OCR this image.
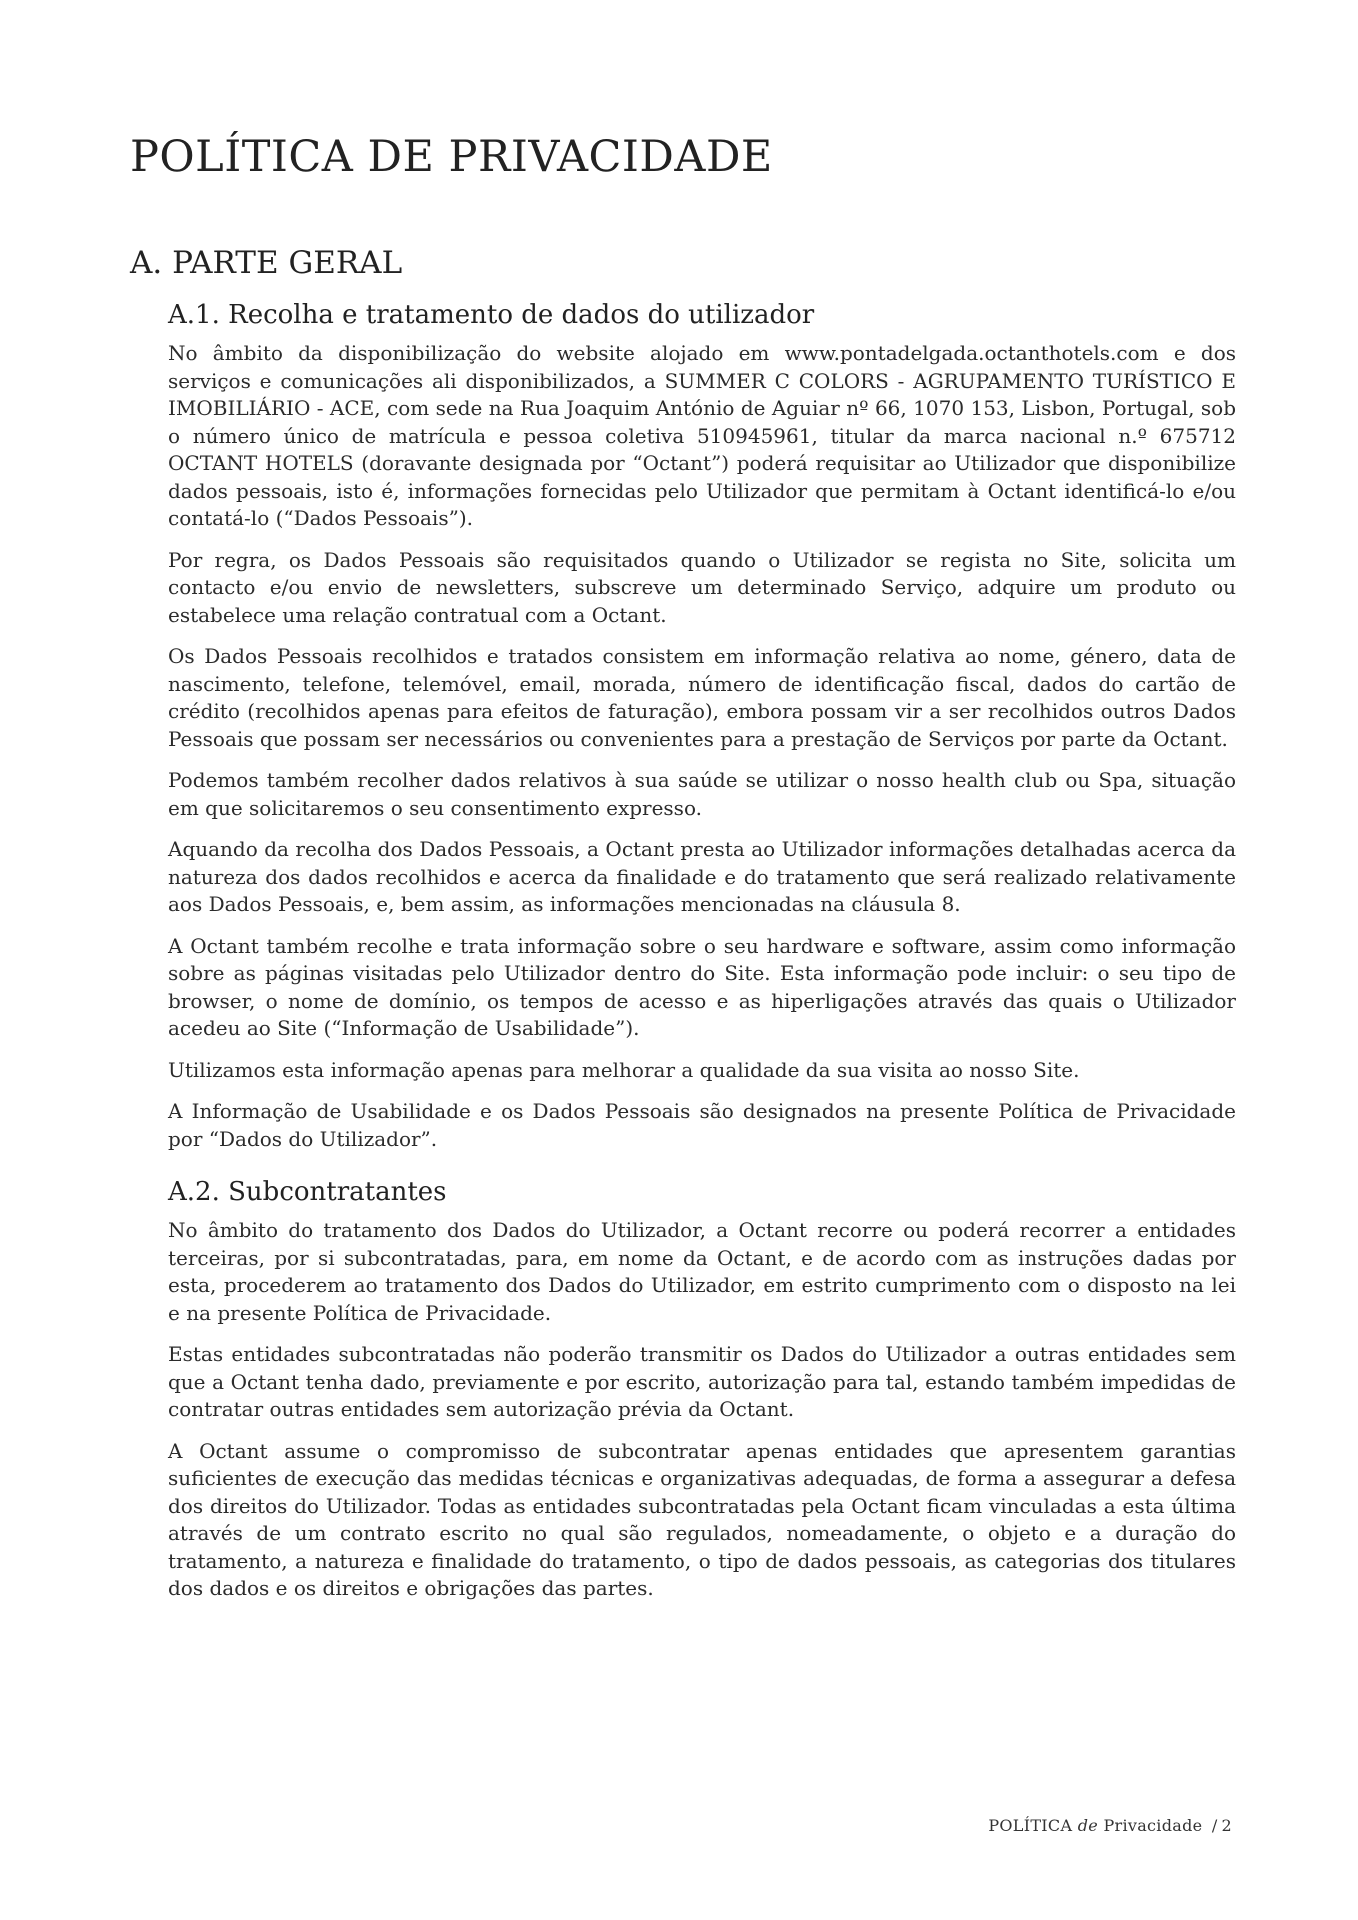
POLÍTICA DE PRIVACIDADE
A. PARTE GERAL
A.1. Recolha e tratamento de dados do utilizador

No âmbito da disponibilização do website alojado em www.pontadelgada.octanthotels.com e dos serviços e comunicações ali disponibilizados, a SUMMER C COLORS - AGRUPAMENTO TURÍSTICO E IMOBILIÁRIO - ACE, com sede na Rua Joaquim António de Aguiar nº 66, 1070 153, Lisbon, Portugal, sob o número único de matrícula e pessoa coletiva 510945961, titular da marca nacional n.º 675712 OCTANT HOTELS (doravante designada por “Octant”) poderá requisitar ao Utilizador que disponibilize dados pessoais, isto é, informações fornecidas pelo Utilizador que permitam à Octant identificá-lo e/ou contatá-lo (“Dados Pessoais”).

Por regra, os Dados Pessoais são requisitados quando o Utilizador se regista no Site, solicita um contacto e/ou envio de newsletters, subscreve um determinado Serviço, adquire um produto ou estabelece uma relação contratual com a Octant.

Os Dados Pessoais recolhidos e tratados consistem em informação relativa ao nome, género, data de nascimento, telefone, telemóvel, email, morada, número de identificação fiscal, dados do cartão de crédito (recolhidos apenas para efeitos de faturação), embora possam vir a ser recolhidos outros Dados Pessoais que possam ser necessários ou convenientes para a prestação de Serviços por parte da Octant.

Podemos também recolher dados relativos à sua saúde se utilizar o nosso health club ou Spa, situação em que solicitaremos o seu consentimento expresso.

Aquando da recolha dos Dados Pessoais, a Octant presta ao Utilizador informações detalhadas acerca da natureza dos dados recolhidos e acerca da finalidade e do tratamento que será realizado relativamente aos Dados Pessoais, e, bem assim, as informações mencionadas na cláusula 8.

A Octant também recolhe e trata informação sobre o seu hardware e software, assim como informação sobre as páginas visitadas pelo Utilizador dentro do Site. Esta informação pode incluir: o seu tipo de browser, o nome de domínio, os tempos de acesso e as hiperligações através das quais o Utilizador acedeu ao Site (“Informação de Usabilidade”).

Utilizamos esta informação apenas para melhorar a qualidade da sua visita ao nosso Site.

A Informação de Usabilidade e os Dados Pessoais são designados na presente Política de Privacidade por “Dados do Utilizador”.

A.2. Subcontratantes

No âmbito do tratamento dos Dados do Utilizador, a Octant recorre ou poderá recorrer a entidades terceiras, por si subcontratadas, para, em nome da Octant, e de acordo com as instruções dadas por esta, procederem ao tratamento dos Dados do Utilizador, em estrito cumprimento com o disposto na lei e na presente Política de Privacidade.

Estas entidades subcontratadas não poderão transmitir os Dados do Utilizador a outras entidades sem que a Octant tenha dado, previamente e por escrito, autorização para tal, estando também impedidas de contratar outras entidades sem autorização prévia da Octant.

A Octant assume o compromisso de subcontratar apenas entidades que apresentem garantias suficientes de execução das medidas técnicas e organizativas adequadas, de forma a assegurar a defesa dos direitos do Utilizador. Todas as entidades subcontratadas pela Octant ficam vinculadas a esta última através de um contrato escrito no qual são regulados, nomeadamente, o objeto e a duração do tratamento, a natureza e finalidade do tratamento, o tipo de dados pessoais, as categorias dos titulares dos dados e os direitos e obrigações das partes.

POLÍTICA de Privacidade / 2
